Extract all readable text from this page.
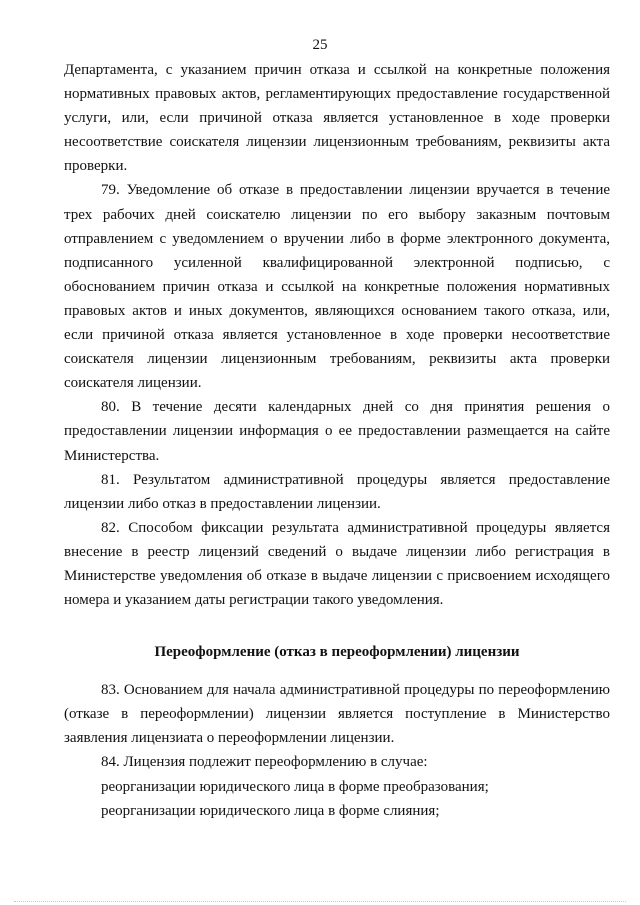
25

Департамента, с указанием причин отказа и ссылкой на конкретные положения нормативных правовых актов, регламентирующих предоставление государственной услуги, или, если причиной отказа является установленное в ходе проверки несоответствие соискателя лицензии лицензионным требованиям, реквизиты акта проверки.

79. Уведомление об отказе в предоставлении лицензии вручается в течение трех рабочих дней соискателю лицензии по его выбору заказным почтовым отправлением с уведомлением о вручении либо в форме электронного документа, подписанного усиленной квалифицированной электронной подписью, с обоснованием причин отказа и ссылкой на конкретные положения нормативных правовых актов и иных документов, являющихся основанием такого отказа, или, если причиной отказа является установленное в ходе проверки несоответствие соискателя лицензии лицензионным требованиям, реквизиты акта проверки соискателя лицензии.

80. В течение десяти календарных дней со дня принятия решения о предоставлении лицензии информация о ее предоставлении размещается на сайте Министерства.

81. Результатом административной процедуры является предоставление лицензии либо отказ в предоставлении лицензии.

82. Способом фиксации результата административной процедуры является внесение в реестр лицензий сведений о выдаче лицензии либо регистрация в Министерстве уведомления об отказе в выдаче лицензии с присвоением исходящего номера и указанием даты регистрации такого уведомления.

Переоформление (отказ в переоформлении) лицензии

83. Основанием для начала административной процедуры по переоформлению (отказе в переоформлении) лицензии является поступление в Министерство заявления лицензиата о переоформлении лицензии.

84. Лицензия подлежит переоформлению в случае:

реорганизации юридического лица в форме преобразования;

реорганизации юридического лица в форме слияния;
